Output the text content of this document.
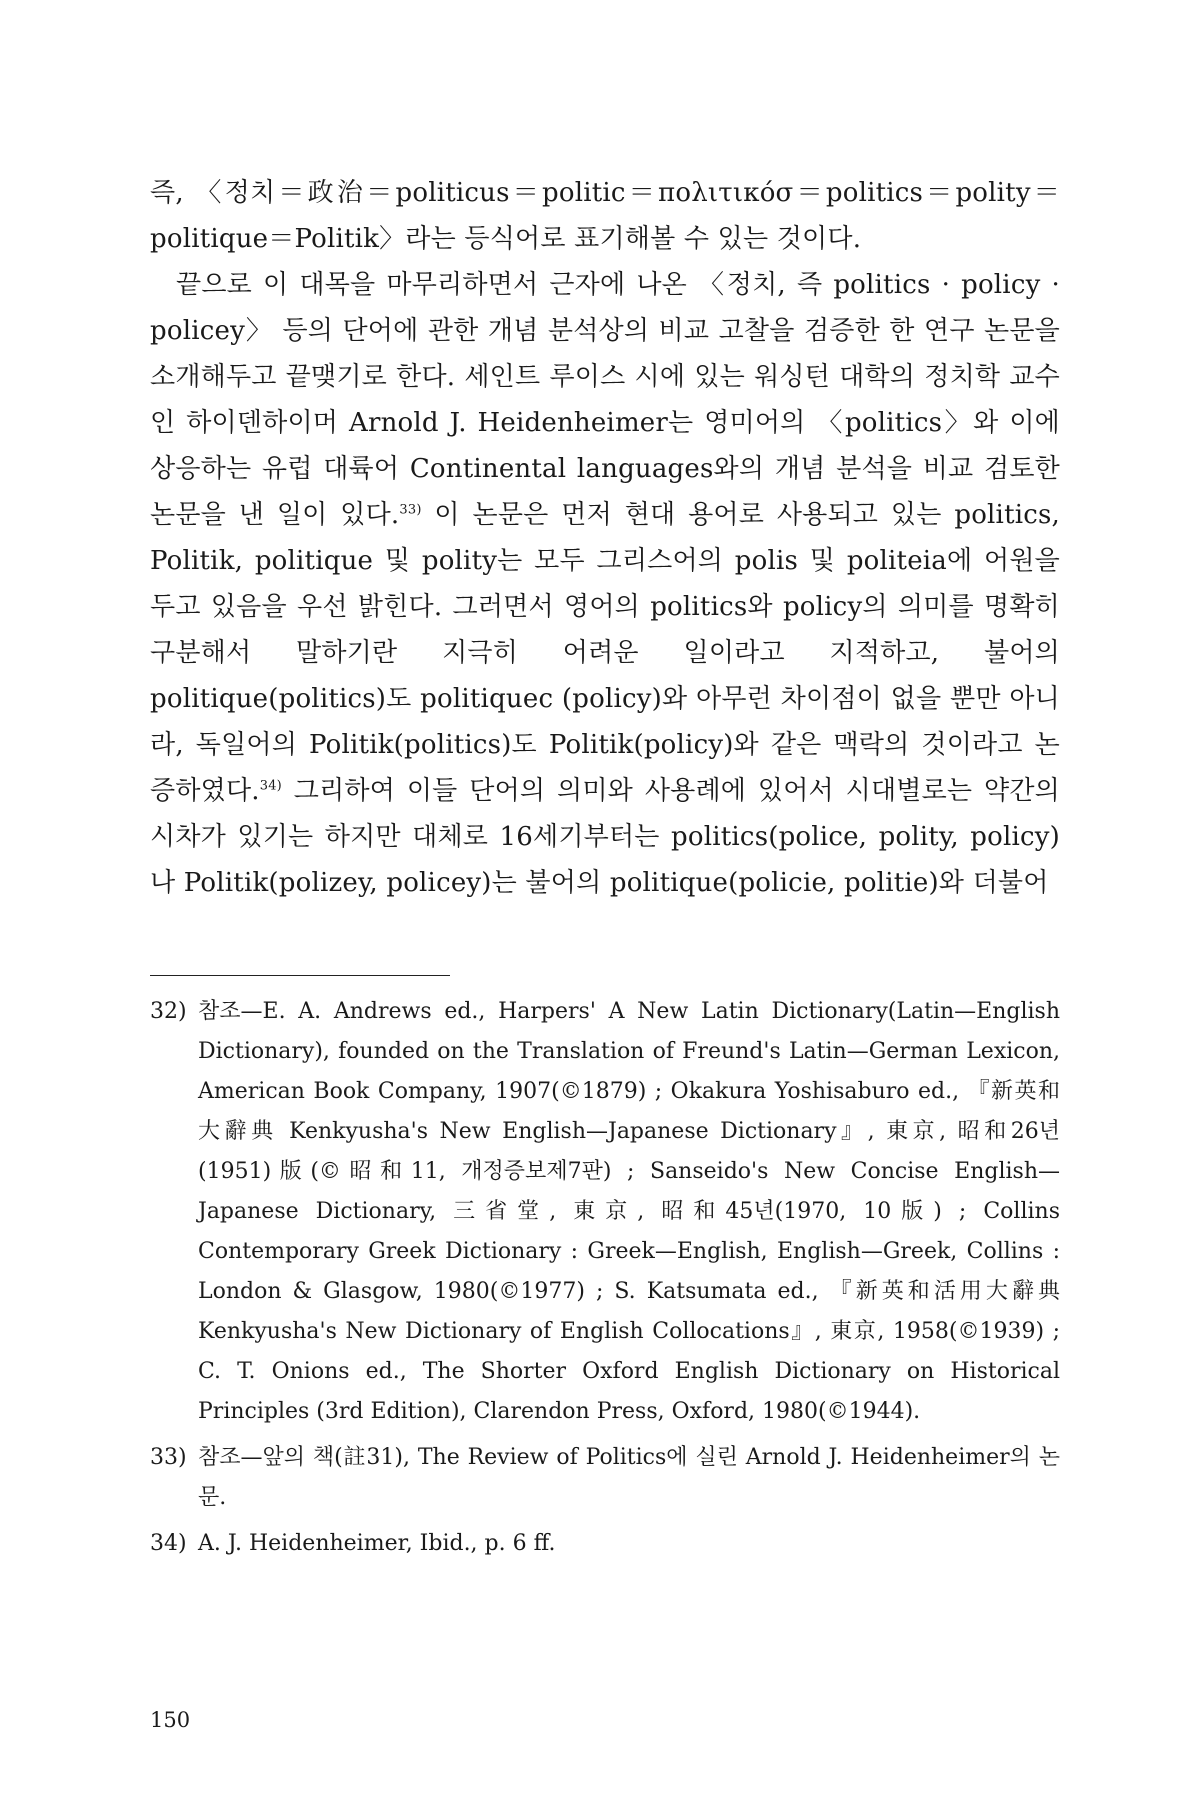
즉, 〈정치＝政治＝politicus＝politic＝πολιτικόσ＝politics＝polity＝politique＝Politik〉라는 등식어로 표기해볼 수 있는 것이다.

끝으로 이 대목을 마무리하면서 근자에 나온 〈정치, 즉 politics · policy · policey〉 등의 단어에 관한 개념 분석상의 비교 고찰을 검증한 한 연구 논문을 소개해두고 끝맺기로 한다. 세인트 루이스 시에 있는 워싱턴 대학의 정치학 교수인 하이덴하이머 Arnold J. Heidenheimer는 영미어의 〈politics〉와 이에 상응하는 유럽 대륙어 Continental languages와의 개념 분석을 비교 검토한 논문을 낸 일이 있다.$^{33)}$ 이 논문은 먼저 현대 용어로 사용되고 있는 politics, Politik, politique 및 polity는 모두 그리스어의 polis 및 politeia에 어원을 두고 있음을 우선 밝힌다. 그러면서 영어의 politics와 policy의 의미를 명확히 구분해서 말하기란 지극히 어려운 일이라고 지적하고, 불어의 politique(politics)도 politiquec (policy)와 아무런 차이점이 없을 뿐만 아니라, 독일어의 Politik(politics)도 Politik(policy)와 같은 맥락의 것이라고 논증하였다.$^{34)}$ 그리하여 이들 단어의 의미와 사용례에 있어서 시대별로는 약간의 시차가 있기는 하지만 대체로 16세기부터는 politics(police, polity, policy)나 Politik(polizey, policey)는 불어의 politique(policie, politie)와 더불어

32) 참조—E. A. Andrews ed., Harpers' A New Latin Dictionary(Latin—English Dictionary), founded on the Translation of Freund's Latin—German Lexicon, American Book Company, 1907(©1879) ; Okakura Yoshisaburo ed., 『新英和大辭典 Kenkyusha's New English—Japanese Dictionary』, 東京, 昭和26년(1951)版(©昭和11, 개정증보제7판) ; Sanseido's New Concise English—Japanese Dictionary, 三省堂, 東京, 昭和45년(1970, 10版) ; Collins Contemporary Greek Dictionary : Greek—English, English—Greek, Collins : London & Glasgow, 1980(©1977) ; S. Katsumata ed., 『新英和活用大辭典 Kenkyusha's New Dictionary of English Collocations』, 東京, 1958(©1939) ; C. T. Onions ed., The Shorter Oxford English Dictionary on Historical Principles (3rd Edition), Clarendon Press, Oxford, 1980(©1944).
33) 참조—앞의 책(註31), The Review of Politics에 실린 Arnold J. Heidenheimer의 논문.
34) A. J. Heidenheimer, Ibid., p. 6 ff.
150
